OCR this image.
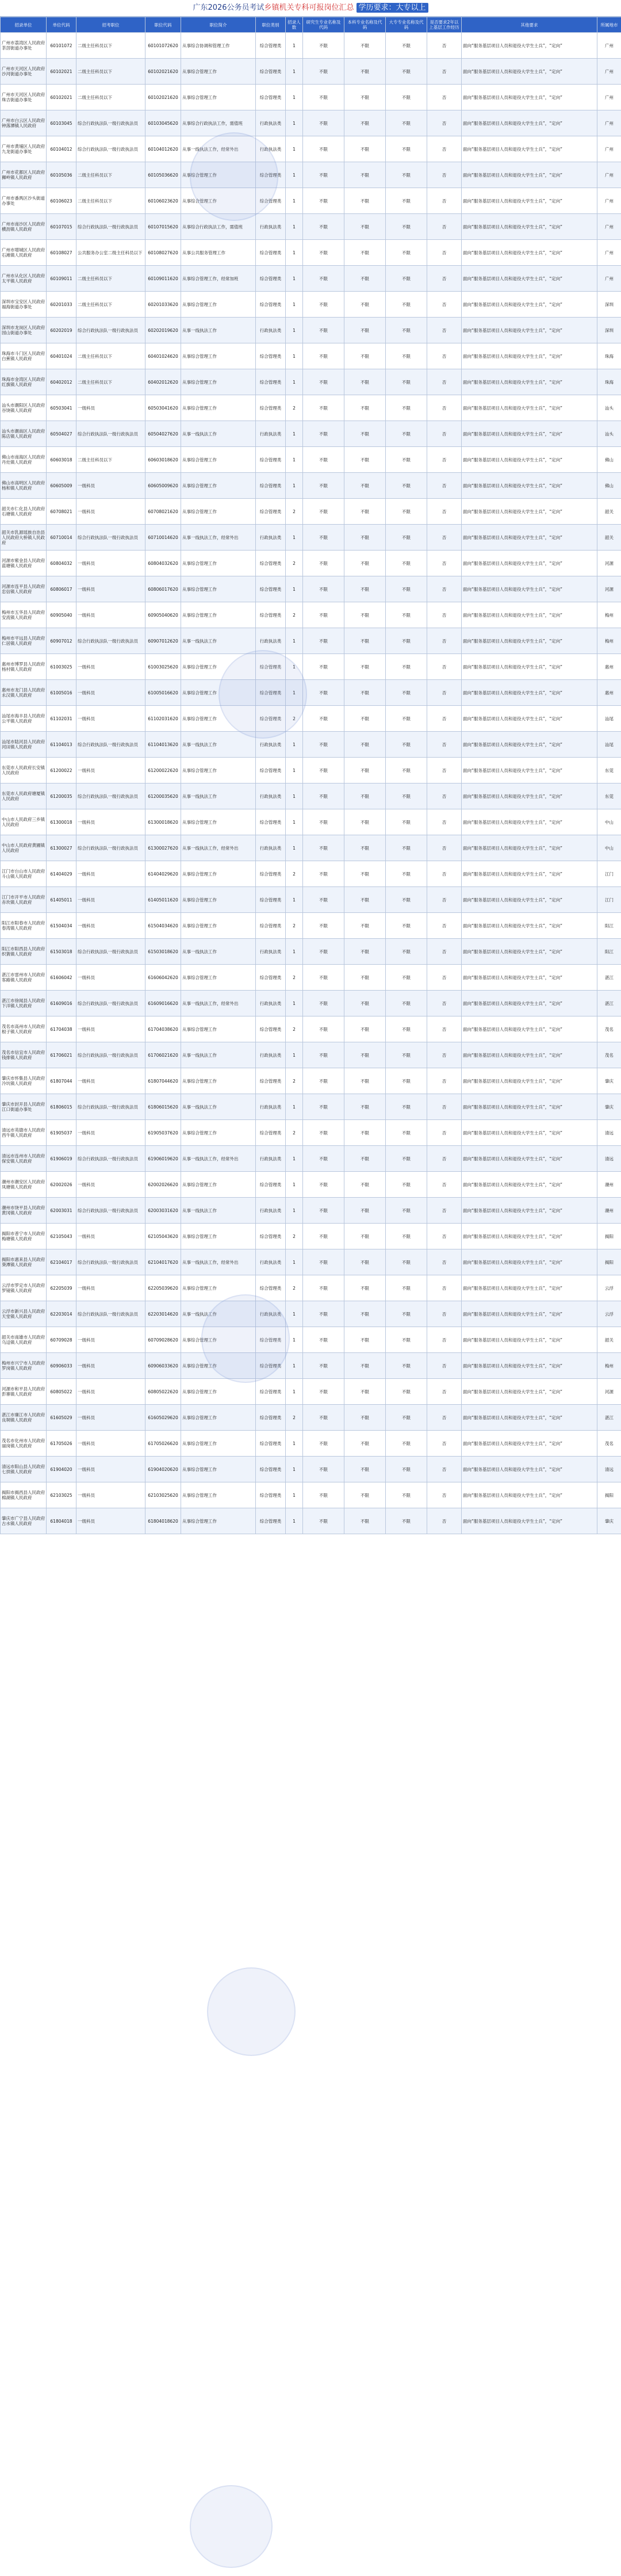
广东2026公务员考试乡镇机关专科可报岗位汇总 学历要求：大专以上
招录单位	单位代码	招考职位	职位代码	职位简介	职位类别	招录人数	研究生专业名称及代码	本科专业名称及代码	大专专业名称及代码	是否要求2年以上基层工作经历	其他要求	所属地市
广州市荔湾区人民政府茶滘街道办事处	60101072	二级主任科员以下	60101072620	从事综合协调和管理工作	综合管理类	1	不限	不限	不限	否	面向“服务基层项目人员和退役大学生士兵”，“定向”	广州
广州市天河区人民政府沙河街道办事处	60102021	二级主任科员以下	60102021620	从事综合管理工作	综合管理类	1	不限	不限	不限	否	面向“服务基层项目人员和退役大学生士兵”，“定向”	广州
广州市天河区人民政府珠吉街道办事处	60102021	二级主任科员以下	60102021620	从事综合管理工作	综合管理类	1	不限	不限	不限	否	面向“服务基层项目人员和退役大学生士兵”，“定向”	广州
广州市白云区人民政府钟落潭镇人民政府	60103045	综合行政执法队一级行政执法员	60103045620	从事综合行政执法工作，需值班	行政执法类	1	不限	不限	不限	否	面向“服务基层项目人员和退役大学生士兵”，“定向”	广州
广州市黄埔区人民政府九龙街道办事处	60104012	综合行政执法队一级行政执法员	60104012620	从事一线执法工作，经常外出	行政执法类	1	不限	不限	不限	否	面向“服务基层项目人员和退役大学生士兵”，“定向”	广州
广州市花都区人民政府狮岭镇人民政府	60105036	二级主任科员以下	60105036620	从事综合管理工作	综合管理类	1	不限	不限	不限	否	面向“服务基层项目人员和退役大学生士兵”，“定向”	广州
广州市番禺区沙头街道办事处	60106023	二级主任科员以下	60106023620	从事综合管理工作	综合管理类	1	不限	不限	不限	否	面向“服务基层项目人员和退役大学生士兵”，“定向”	广州
广州市南沙区人民政府横沥镇人民政府	60107015	综合行政执法队一级行政执法员	60107015620	从事综合行政执法工作，需值班	行政执法类	1	不限	不限	不限	否	面向“服务基层项目人员和退役大学生士兵”，“定向”	广州
广州市增城区人民政府石滩镇人民政府	60108027	公共服务办公室二级主任科员以下	60108027620	从事公共服务管理工作	综合管理类	1	不限	不限	不限	否	面向“服务基层项目人员和退役大学生士兵”，“定向”	广州
广州市从化区人民政府太平镇人民政府	60109011	二级主任科员以下	60109011620	从事综合管理工作，经常加班	综合管理类	1	不限	不限	不限	否	面向“服务基层项目人员和退役大学生士兵”，“定向”	广州
深圳市宝安区人民政府福海街道办事处	60201033	二级主任科员以下	60201033620	从事综合管理工作	综合管理类	1	不限	不限	不限	否	面向“服务基层项目人员和退役大学生士兵”，“定向”	深圳
深圳市龙岗区人民政府园山街道办事处	60202019	综合行政执法队一级行政执法员	60202019620	从事一线执法工作	行政执法类	1	不限	不限	不限	否	面向“服务基层项目人员和退役大学生士兵”，“定向”	深圳
珠海市斗门区人民政府白蕉镇人民政府	60401024	二级主任科员以下	60401024620	从事综合管理工作	综合管理类	1	不限	不限	不限	否	面向“服务基层项目人员和退役大学生士兵”，“定向”	珠海
珠海市金湾区人民政府红旗镇人民政府	60402012	二级主任科员以下	60402012620	从事综合管理工作	综合管理类	1	不限	不限	不限	否	面向“服务基层项目人员和退役大学生士兵”，“定向”	珠海
汕头市潮阳区人民政府谷饶镇人民政府	60503041	一级科员	60503041620	从事综合管理工作	综合管理类	2	不限	不限	不限	否	面向“服务基层项目人员和退役大学生士兵”，“定向”	汕头
汕头市潮南区人民政府陈店镇人民政府	60504027	综合行政执法队一级行政执法员	60504027620	从事一线执法工作	行政执法类	1	不限	不限	不限	否	面向“服务基层项目人员和退役大学生士兵”，“定向”	汕头
佛山市南海区人民政府丹灶镇人民政府	60603018	二级主任科员以下	60603018620	从事综合管理工作	综合管理类	1	不限	不限	不限	否	面向“服务基层项目人员和退役大学生士兵”，“定向”	佛山
佛山市高明区人民政府杨和镇人民政府	60605009	一级科员	60605009620	从事综合管理工作	综合管理类	1	不限	不限	不限	否	面向“服务基层项目人员和退役大学生士兵”，“定向”	佛山
韶关市仁化县人民政府石塘镇人民政府	60708021	一级科员	60708021620	从事综合管理工作	综合管理类	2	不限	不限	不限	否	面向“服务基层项目人员和退役大学生士兵”，“定向”	韶关
韶关市乳源瑶族自治县人民政府大桥镇人民政府	60710014	综合行政执法队一级行政执法员	60710014620	从事一线执法工作，经常外出	行政执法类	1	不限	不限	不限	否	面向“服务基层项目人员和退役大学生士兵”，“定向”	韶关
河源市紫金县人民政府蓝塘镇人民政府	60804032	一级科员	60804032620	从事综合管理工作	综合管理类	2	不限	不限	不限	否	面向“服务基层项目人员和退役大学生士兵”，“定向”	河源
河源市连平县人民政府忠信镇人民政府	60806017	一级科员	60806017620	从事综合管理工作	综合管理类	1	不限	不限	不限	否	面向“服务基层项目人员和退役大学生士兵”，“定向”	河源
梅州市五华县人民政府安流镇人民政府	60905040	一级科员	60905040620	从事综合管理工作	综合管理类	2	不限	不限	不限	否	面向“服务基层项目人员和退役大学生士兵”，“定向”	梅州
梅州市平远县人民政府仁居镇人民政府	60907012	综合行政执法队一级行政执法员	60907012620	从事一线执法工作	行政执法类	1	不限	不限	不限	否	面向“服务基层项目人员和退役大学生士兵”，“定向”	梅州
惠州市博罗县人民政府杨村镇人民政府	61003025	一级科员	61003025620	从事综合管理工作	综合管理类	1	不限	不限	不限	否	面向“服务基层项目人员和退役大学生士兵”，“定向”	惠州
惠州市龙门县人民政府永汉镇人民政府	61005016	一级科员	61005016620	从事综合管理工作	综合管理类	1	不限	不限	不限	否	面向“服务基层项目人员和退役大学生士兵”，“定向”	惠州
汕尾市海丰县人民政府公平镇人民政府	61102031	一级科员	61102031620	从事综合管理工作	综合管理类	2	不限	不限	不限	否	面向“服务基层项目人员和退役大学生士兵”，“定向”	汕尾
汕尾市陆河县人民政府河田镇人民政府	61104013	综合行政执法队一级行政执法员	61104013620	从事一线执法工作	行政执法类	1	不限	不限	不限	否	面向“服务基层项目人员和退役大学生士兵”，“定向”	汕尾
东莞市人民政府长安镇人民政府	61200022	一级科员	61200022620	从事综合管理工作	综合管理类	1	不限	不限	不限	否	面向“服务基层项目人员和退役大学生士兵”，“定向”	东莞
东莞市人民政府塘厦镇人民政府	61200035	综合行政执法队一级行政执法员	61200035620	从事一线执法工作	行政执法类	1	不限	不限	不限	否	面向“服务基层项目人员和退役大学生士兵”，“定向”	东莞
中山市人民政府三乡镇人民政府	61300018	一级科员	61300018620	从事综合管理工作	综合管理类	1	不限	不限	不限	否	面向“服务基层项目人员和退役大学生士兵”，“定向”	中山
中山市人民政府黄圃镇人民政府	61300027	综合行政执法队一级行政执法员	61300027620	从事一线执法工作，经常外出	行政执法类	1	不限	不限	不限	否	面向“服务基层项目人员和退役大学生士兵”，“定向”	中山
江门市台山市人民政府斗山镇人民政府	61404029	一级科员	61404029620	从事综合管理工作	综合管理类	2	不限	不限	不限	否	面向“服务基层项目人员和退役大学生士兵”，“定向”	江门
江门市开平市人民政府赤坎镇人民政府	61405011	一级科员	61405011620	从事综合管理工作	综合管理类	1	不限	不限	不限	否	面向“服务基层项目人员和退役大学生士兵”，“定向”	江门
阳江市阳春市人民政府春湾镇人民政府	61504034	一级科员	61504034620	从事综合管理工作	综合管理类	2	不限	不限	不限	否	面向“服务基层项目人员和退役大学生士兵”，“定向”	阳江
阳江市阳西县人民政府织篢镇人民政府	61503018	综合行政执法队一级行政执法员	61503018620	从事一线执法工作	行政执法类	1	不限	不限	不限	否	面向“服务基层项目人员和退役大学生士兵”，“定向”	阳江
湛江市雷州市人民政府客路镇人民政府	61606042	一级科员	61606042620	从事综合管理工作	综合管理类	2	不限	不限	不限	否	面向“服务基层项目人员和退役大学生士兵”，“定向”	湛江
湛江市徐闻县人民政府下洋镇人民政府	61609016	综合行政执法队一级行政执法员	61609016620	从事一线执法工作，经常外出	行政执法类	1	不限	不限	不限	否	面向“服务基层项目人员和退役大学生士兵”，“定向”	湛江
茂名市高州市人民政府根子镇人民政府	61704038	一级科员	61704038620	从事综合管理工作	综合管理类	2	不限	不限	不限	否	面向“服务基层项目人员和退役大学生士兵”，“定向”	茂名
茂名市信宜市人民政府钱排镇人民政府	61706021	综合行政执法队一级行政执法员	61706021620	从事一线执法工作	行政执法类	1	不限	不限	不限	否	面向“服务基层项目人员和退役大学生士兵”，“定向”	茂名
肇庆市怀集县人民政府冷坑镇人民政府	61807044	一级科员	61807044620	从事综合管理工作	综合管理类	2	不限	不限	不限	否	面向“服务基层项目人员和退役大学生士兵”，“定向”	肇庆
肇庆市封开县人民政府江口街道办事处	61806015	综合行政执法队一级行政执法员	61806015620	从事一线执法工作	行政执法类	1	不限	不限	不限	否	面向“服务基层项目人员和退役大学生士兵”，“定向”	肇庆
清远市英德市人民政府西牛镇人民政府	61905037	一级科员	61905037620	从事综合管理工作	综合管理类	2	不限	不限	不限	否	面向“服务基层项目人员和退役大学生士兵”，“定向”	清远
清远市连州市人民政府保安镇人民政府	61906019	综合行政执法队一级行政执法员	61906019620	从事一线执法工作，经常外出	行政执法类	1	不限	不限	不限	否	面向“服务基层项目人员和退役大学生士兵”，“定向”	清远
潮州市潮安区人民政府凤塘镇人民政府	62002026	一级科员	62002026620	从事综合管理工作	综合管理类	1	不限	不限	不限	否	面向“服务基层项目人员和退役大学生士兵”，“定向”	潮州
潮州市饶平县人民政府黄冈镇人民政府	62003031	综合行政执法队一级行政执法员	62003031620	从事一线执法工作	行政执法类	1	不限	不限	不限	否	面向“服务基层项目人员和退役大学生士兵”，“定向”	潮州
揭阳市普宁市人民政府梅塘镇人民政府	62105043	一级科员	62105043620	从事综合管理工作	综合管理类	2	不限	不限	不限	否	面向“服务基层项目人员和退役大学生士兵”，“定向”	揭阳
揭阳市惠来县人民政府葵潭镇人民政府	62104017	综合行政执法队一级行政执法员	62104017620	从事一线执法工作，经常外出	行政执法类	1	不限	不限	不限	否	面向“服务基层项目人员和退役大学生士兵”，“定向”	揭阳
云浮市罗定市人民政府罗镜镇人民政府	62205039	一级科员	62205039620	从事综合管理工作	综合管理类	2	不限	不限	不限	否	面向“服务基层项目人员和退役大学生士兵”，“定向”	云浮
云浮市新兴县人民政府天堂镇人民政府	62203014	综合行政执法队一级行政执法员	62203014620	从事一线执法工作	行政执法类	1	不限	不限	不限	否	面向“服务基层项目人员和退役大学生士兵”，“定向”	云浮
韶关市南雄市人民政府乌迳镇人民政府	60709028	一级科员	60709028620	从事综合管理工作	综合管理类	1	不限	不限	不限	否	面向“服务基层项目人员和退役大学生士兵”，“定向”	韶关
梅州市兴宁市人民政府罗岗镇人民政府	60906033	一级科员	60906033620	从事综合管理工作	综合管理类	1	不限	不限	不限	否	面向“服务基层项目人员和退役大学生士兵”，“定向”	梅州
河源市和平县人民政府彭寨镇人民政府	60805022	一级科员	60805022620	从事综合管理工作	综合管理类	1	不限	不限	不限	否	面向“服务基层项目人员和退役大学生士兵”，“定向”	河源
湛江市廉江市人民政府良垌镇人民政府	61605029	一级科员	61605029620	从事综合管理工作	综合管理类	2	不限	不限	不限	否	面向“服务基层项目人员和退役大学生士兵”，“定向”	湛江
茂名市化州市人民政府丽岗镇人民政府	61705026	一级科员	61705026620	从事综合管理工作	综合管理类	1	不限	不限	不限	否	面向“服务基层项目人员和退役大学生士兵”，“定向”	茂名
清远市阳山县人民政府七拱镇人民政府	61904020	一级科员	61904020620	从事综合管理工作	综合管理类	1	不限	不限	不限	否	面向“服务基层项目人员和退役大学生士兵”，“定向”	清远
揭阳市揭西县人民政府棉湖镇人民政府	62103025	一级科员	62103025620	从事综合管理工作	综合管理类	1	不限	不限	不限	否	面向“服务基层项目人员和退役大学生士兵”，“定向”	揭阳
肇庆市广宁县人民政府古水镇人民政府	61804018	一级科员	61804018620	从事综合管理工作	综合管理类	1	不限	不限	不限	否	面向“服务基层项目人员和退役大学生士兵”，“定向”	肇庆
